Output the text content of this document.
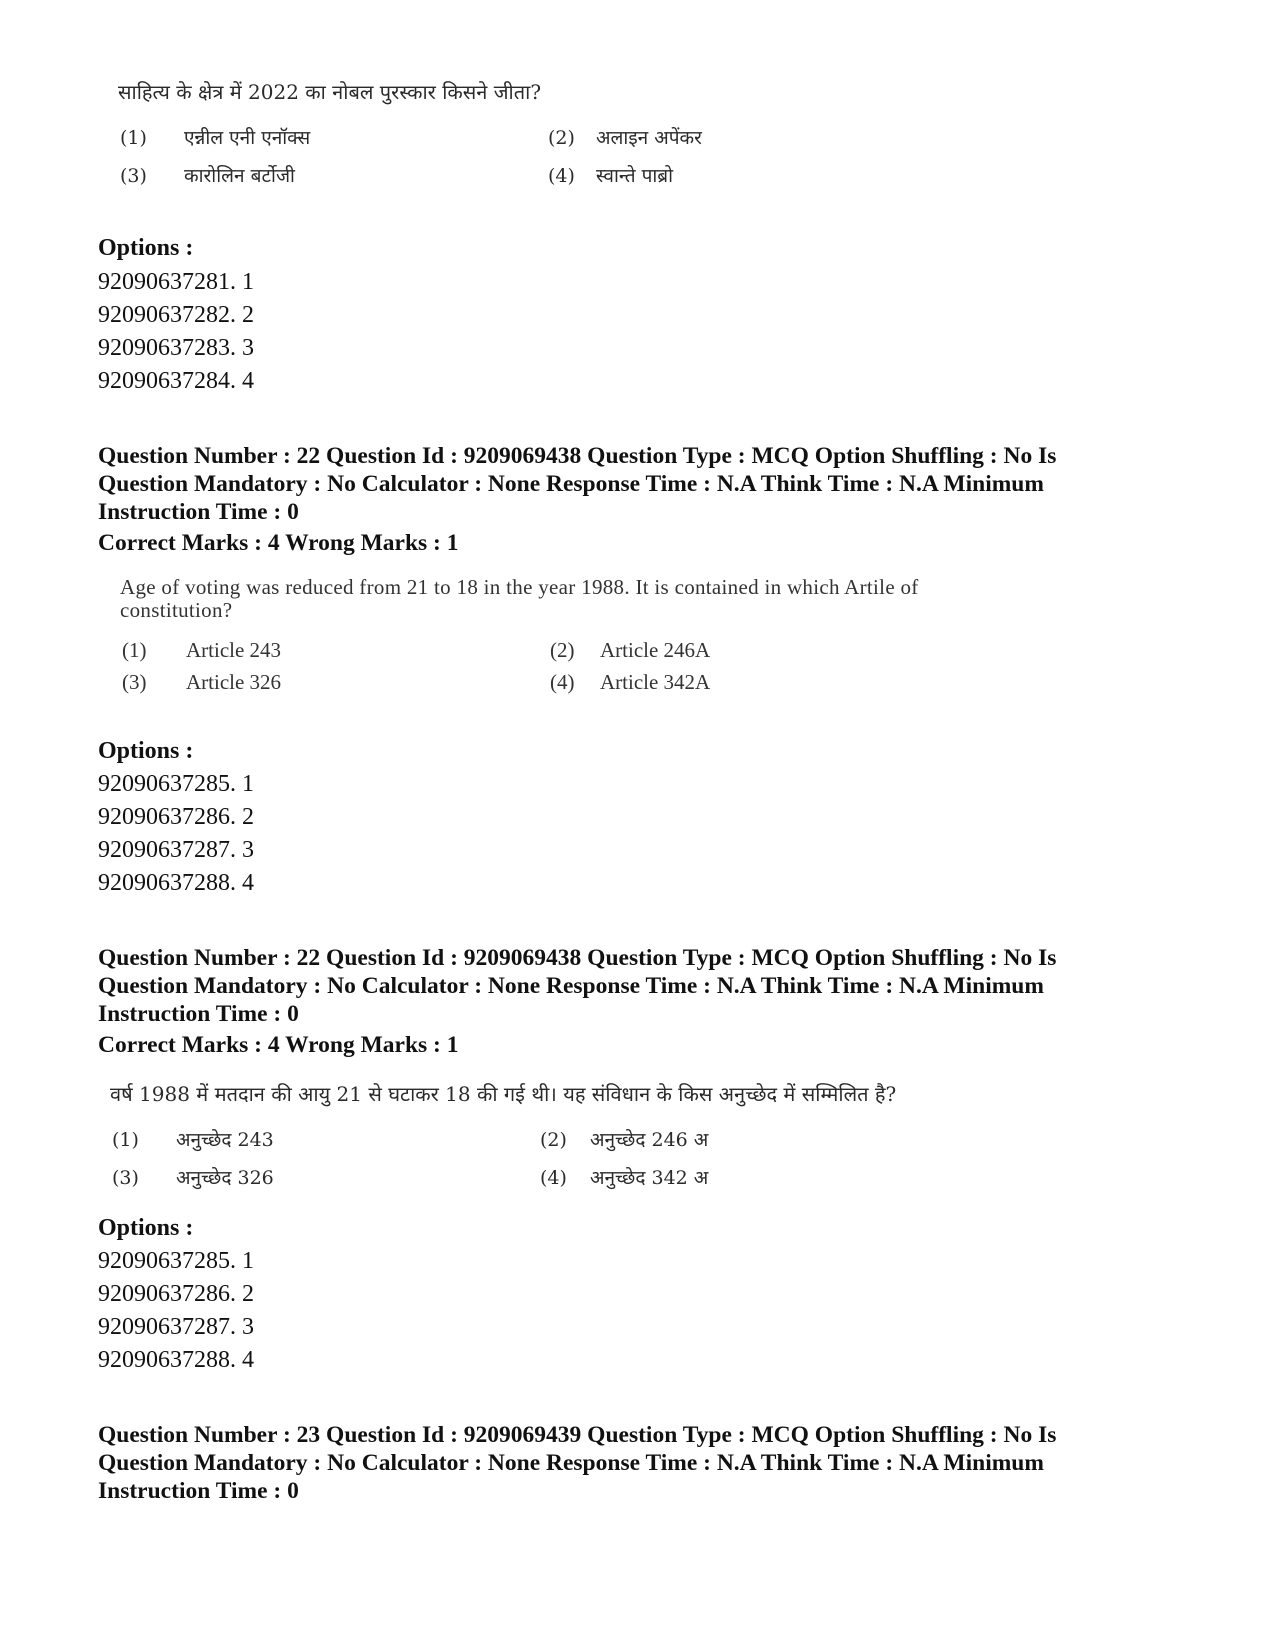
साहित्य के क्षेत्र में 2022 का नोबल पुरस्कार किसने जीता?
(1) एन्नील एनी एनॉक्स	(2) अलाइन अपेंकर
(3) कारोलिन बर्टोजी	(4) स्वान्ते पाब्रो
Options :
92090637281. 1
92090637282. 2
92090637283. 3
92090637284. 4
Question Number : 22 Question Id : 9209069438 Question Type : MCQ Option Shuffling : No Is
Question Mandatory : No Calculator : None Response Time : N.A Think Time : N.A Minimum
Instruction Time : 0
Correct Marks : 4 Wrong Marks : 1
Age of voting was reduced from 21 to 18 in the year 1988. It is contained in which Artile of
constitution?
(1) Article 243	(2) Article 246A
(3) Article 326	(4) Article 342A
Options :
92090637285. 1
92090637286. 2
92090637287. 3
92090637288. 4
Question Number : 22 Question Id : 9209069438 Question Type : MCQ Option Shuffling : No Is
Question Mandatory : No Calculator : None Response Time : N.A Think Time : N.A Minimum
Instruction Time : 0
Correct Marks : 4 Wrong Marks : 1
वर्ष 1988 में मतदान की आयु 21 से घटाकर 18 की गई थी। यह संविधान के किस अनुच्छेद में सम्मिलित है?
(1) अनुच्छेद 243	(2) अनुच्छेद 246 अ
(3) अनुच्छेद 326	(4) अनुच्छेद 342 अ
Options :
92090637285. 1
92090637286. 2
92090637287. 3
92090637288. 4
Question Number : 23 Question Id : 9209069439 Question Type : MCQ Option Shuffling : No Is
Question Mandatory : No Calculator : None Response Time : N.A Think Time : N.A Minimum
Instruction Time : 0
